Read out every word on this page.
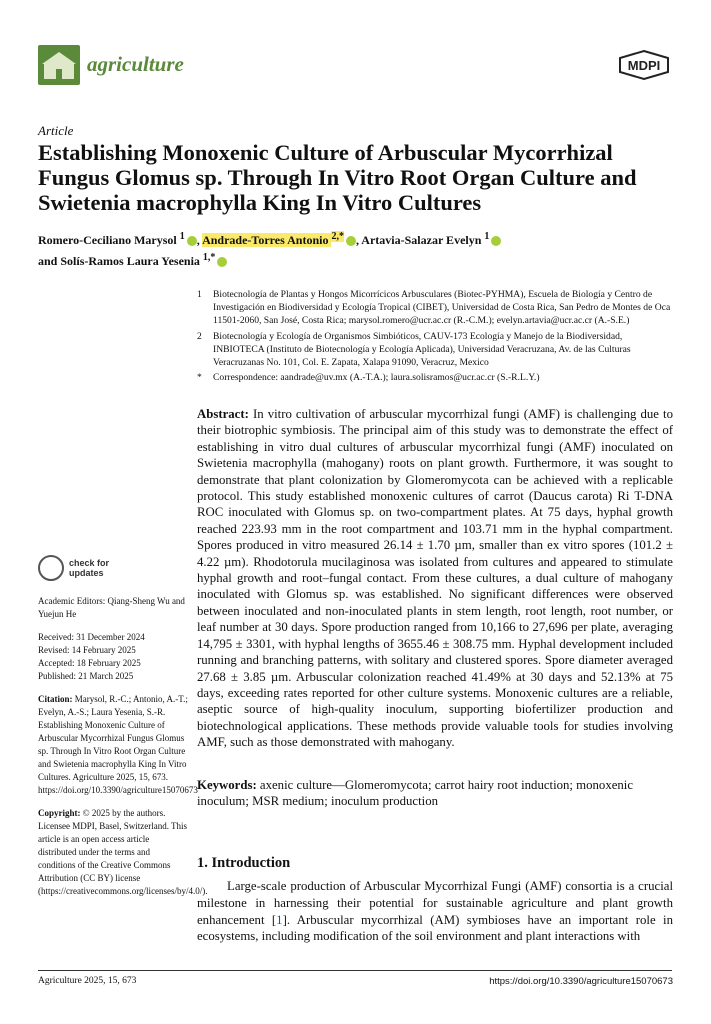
agriculture	MDPI
Article
Establishing Monoxenic Culture of Arbuscular Mycorrhizal Fungus Glomus sp. Through In Vitro Root Organ Culture and Swietenia macrophylla King In Vitro Cultures
Romero-Ceciliano Marysol $^1$ , Andrade-Torres Antonio $^{2,*}$ , Artavia-Salazar Evelyn $^1$
and Solís-Ramos Laura Yesenia $^{1,*}$
1	Biotecnología de Plantas y Hongos Micorrícicos Arbusculares (Biotec-PYHMA), Escuela de Biología y Centro de Investigación en Biodiversidad y Ecología Tropical (CIBET), Universidad de Costa Rica, San Pedro de Montes de Oca 11501-2060, San José, Costa Rica; marysol.romero@ucr.ac.cr (R.-C.M.); evelyn.artavia@ucr.ac.cr (A.-S.E.)
2	Biotecnología y Ecología de Organismos Simbióticos, CAUV-173 Ecología y Manejo de la Biodiversidad, INBIOTECA (Instituto de Biotecnología y Ecología Aplicada), Universidad Veracruzana, Av. de las Culturas Veracruzanas No. 101, Col. E. Zapata, Xalapa 91090, Veracruz, Mexico
*	Correspondence: aandrade@uv.mx (A.-T.A.); laura.solisramos@ucr.ac.cr (S.-R.L.Y.)
Abstract: In vitro cultivation of arbuscular mycorrhizal fungi (AMF) is challenging due to their biotrophic symbiosis. The principal aim of this study was to demonstrate the effect of establishing in vitro dual cultures of arbuscular mycorrhizal fungi (AMF) inoculated on Swietenia macrophylla (mahogany) roots on plant growth. Furthermore, it was sought to demonstrate that plant colonization by Glomeromycota can be achieved with a replicable protocol. This study established monoxenic cultures of carrot (Daucus carota) Ri T-DNA ROC inoculated with Glomus sp. on two-compartment plates. At 75 days, hyphal growth reached 223.93 mm in the root compartment and 103.71 mm in the hyphal compartment. Spores produced in vitro measured 26.14 ± 1.70 µm, smaller than ex vitro spores (101.2 ± 4.22 µm). Rhodotorula mucilaginosa was isolated from cultures and appeared to stimulate hyphal growth and root–fungal contact. From these cultures, a dual culture of mahogany inoculated with Glomus sp. was established. No significant differences were observed between inoculated and non-inoculated plants in stem length, root length, root number, or leaf number at 30 days. Spore production ranged from 10,166 to 27,696 per plate, averaging 14,795 ± 3301, with hyphal lengths of 3655.46 ± 308.75 mm. Hyphal development included running and branching patterns, with solitary and clustered spores. Spore diameter averaged 27.68 ± 3.85 µm. Arbuscular colonization reached 41.49% at 30 days and 52.13% at 75 days, exceeding rates reported for other culture systems. Monoxenic cultures are a reliable, aseptic source of high-quality inoculum, supporting biofertilizer production and biotechnological applications. These methods provide valuable tools for studies involving AMF, such as those demonstrated with mahogany.
Keywords: axenic culture—Glomeromycota; carrot hairy root induction; monoxenic inoculum; MSR medium; inoculum production
check for
updates

Academic Editors: Qiang-Sheng Wu and Yuejun He

Received: 31 December 2024
Revised: 14 February 2025
Accepted: 18 February 2025
Published: 21 March 2025

Citation: Marysol, R.-C.; Antonio, A.-T.; Evelyn, A.-S.; Laura Yesenia, S.-R. Establishing Monoxenic Culture of Arbuscular Mycorrhizal Fungus Glomus sp. Through In Vitro Root Organ Culture and Swietenia macrophylla King In Vitro Cultures. Agriculture 2025, 15, 673. https://doi.org/10.3390/agriculture15070673

Copyright: © 2025 by the authors. Licensee MDPI, Basel, Switzerland. This article is an open access article distributed under the terms and conditions of the Creative Commons Attribution (CC BY) license (https://creativecommons.org/licenses/by/4.0/).

1. Introduction
Large-scale production of Arbuscular Mycorrhizal Fungi (AMF) consortia is a crucial milestone in harnessing their potential for sustainable agriculture and plant growth enhancement [1]. Arbuscular mycorrhizal (AM) symbioses have an important role in ecosystems, including modification of the soil environment and plant interactions with
Agriculture 2025, 15, 673	https://doi.org/10.3390/agriculture15070673
